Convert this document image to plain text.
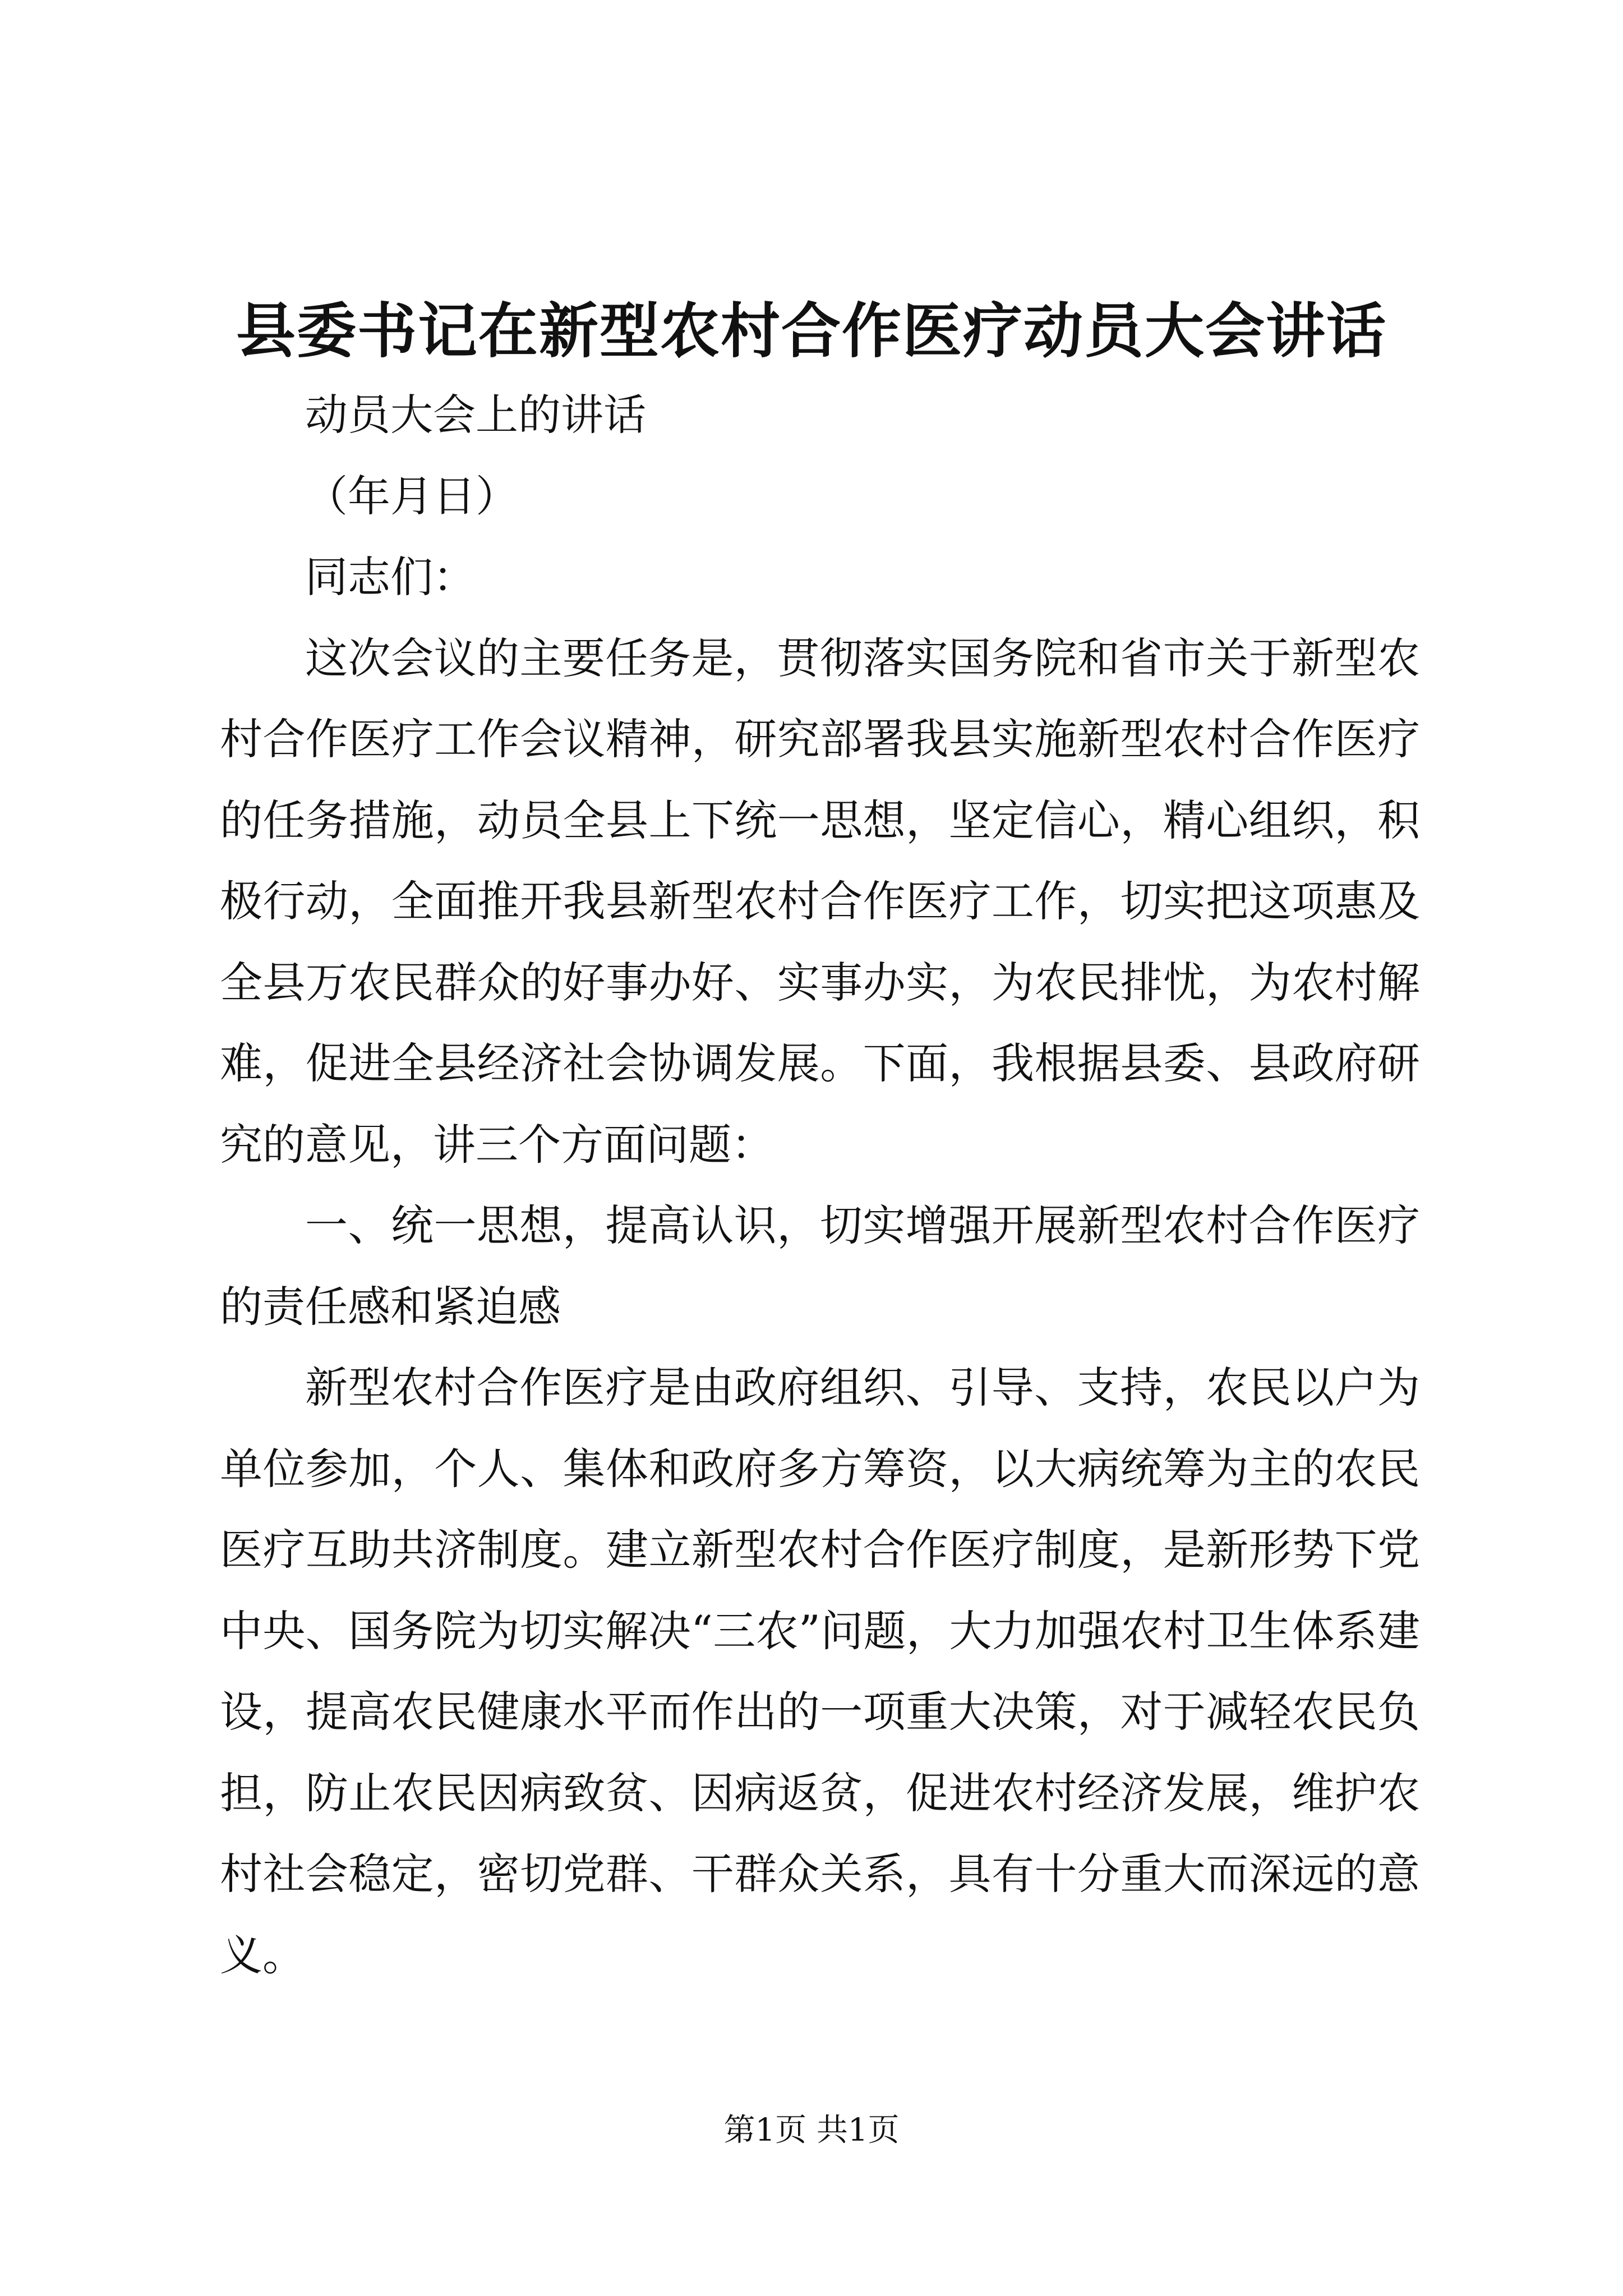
县委书记在新型农村合作医疗动员大会讲话

动员大会上的讲话

（年月日）

同志们：

这次会议的主要任务是，贯彻落实国务院和省市关于新型农村合作医疗工作会议精神，研究部署我县实施新型农村合作医疗的任务措施，动员全县上下统一思想，坚定信心，精心组织，积极行动，全面推开我县新型农村合作医疗工作，切实把这项惠及全县万农民群众的好事办好、实事办实，为农民排忧，为农村解难，促进全县经济社会协调发展。下面，我根据县委、县政府研究的意见，讲三个方面问题：

一、统一思想，提高认识，切实增强开展新型农村合作医疗的责任感和紧迫感

新型农村合作医疗是由政府组织、引导、支持，农民以户为单位参加，个人、集体和政府多方筹资，以大病统筹为主的农民医疗互助共济制度。建立新型农村合作医疗制度，是新形势下党中央、国务院为切实解决“三农”问题，大力加强农村卫生体系建设，提高农民健康水平而作出的一项重大决策，对于减轻农民负担，防止农民因病致贫、因病返贫，促进农村经济发展，维护农村社会稳定，密切党群、干群众关系，具有十分重大而深远的意义。

第1页 共1页
